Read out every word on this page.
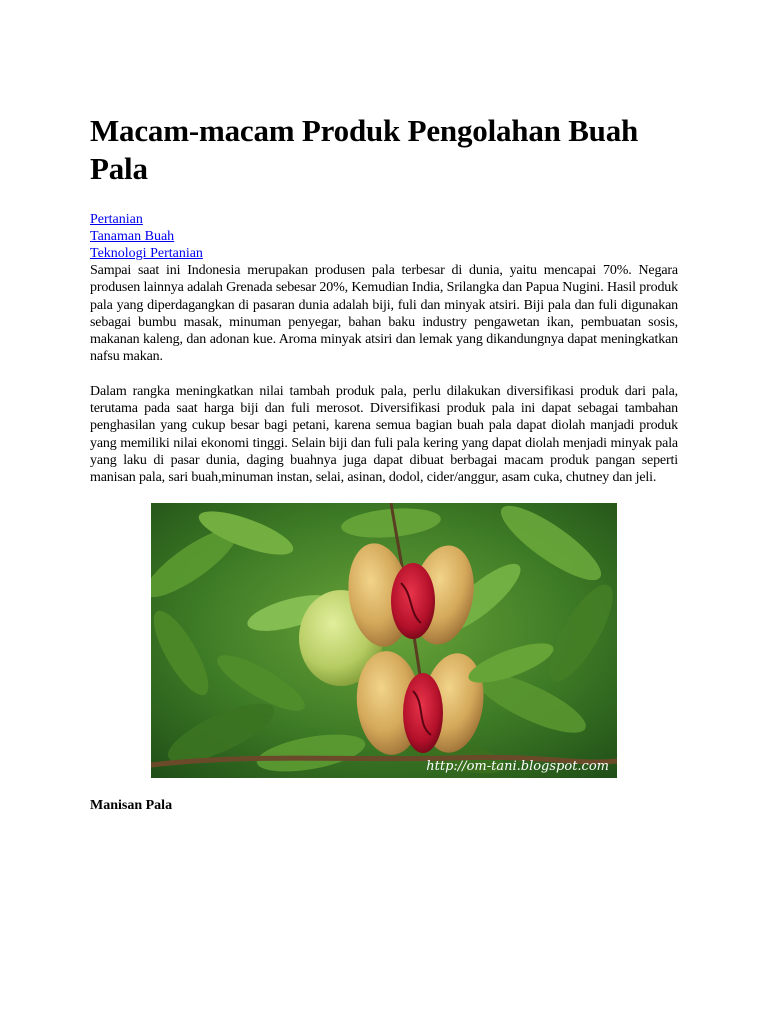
Macam-macam Produk Pengolahan Buah Pala
Pertanian
Tanaman Buah
Teknologi Pertanian

Sampai saat ini Indonesia merupakan produsen pala terbesar di dunia, yaitu mencapai 70%. Negara produsen lainnya adalah Grenada sebesar 20%, Kemudian India, Srilangka dan Papua Nugini. Hasil produk pala yang diperdagangkan di pasaran dunia adalah biji, fuli dan minyak atsiri. Biji pala dan fuli digunakan sebagai bumbu masak, minuman penyegar, bahan baku industry pengawetan ikan, pembuatan sosis, makanan kaleng, dan adonan kue. Aroma minyak atsiri dan lemak yang dikandungnya dapat meningkatkan nafsu makan.

Dalam rangka meningkatkan nilai tambah produk pala, perlu dilakukan diversifikasi produk dari pala, terutama pada saat harga biji dan fuli merosot. Diversifikasi produk pala ini dapat sebagai tambahan penghasilan yang cukup besar bagi petani, karena semua bagian buah pala dapat diolah manjadi produk yang memiliki nilai ekonomi tinggi. Selain biji dan fuli pala kering yang dapat diolah menjadi minyak pala yang laku di pasar dunia, daging buahnya juga dapat dibuat berbagai macam produk pangan seperti manisan pala, sari buah,minuman instan, selai, asinan, dodol, cider/anggur, asam cuka, chutney dan jeli.

http://om-tani.blogspot.com
Manisan Pala
